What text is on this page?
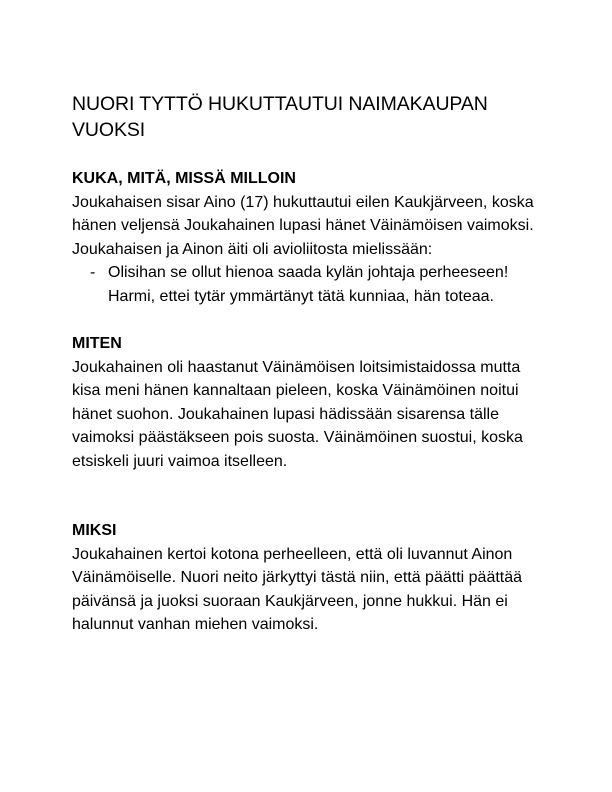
NUORI TYTTÖ HUKUTTAUTUI NAIMAKAUPAN VUOKSI

KUKA, MITÄ, MISSÄ MILLOIN

Joukahaisen sisar Aino (17) hukuttautui eilen Kaukjärveen, koska hänen veljensä Joukahainen lupasi hänet Väinämöisen vaimoksi.

Joukahaisen ja Ainon äiti oli avioliitosta mielissään:

- Olisihan se ollut hienoa saada kylän johtaja perheeseen! Harmi, ettei tytär ymmärtänyt tätä kunniaa, hän toteaa.

MITEN

Joukahainen oli haastanut Väinämöisen loitsimistaidossa mutta kisa meni hänen kannaltaan pieleen, koska Väinämöinen noitui hänet suohon. Joukahainen lupasi hädissään sisarensa tälle vaimoksi päästäkseen pois suosta. Väinämöinen suostui, koska etsiskeli juuri vaimoa itselleen.

MIKSI

Joukahainen kertoi kotona perheelleen, että oli luvannut Ainon Väinämöiselle. Nuori neito järkyttyi tästä niin, että päätti päättää päivänsä ja juoksi suoraan Kaukjärveen, jonne hukkui. Hän ei halunnut vanhan miehen vaimoksi.
